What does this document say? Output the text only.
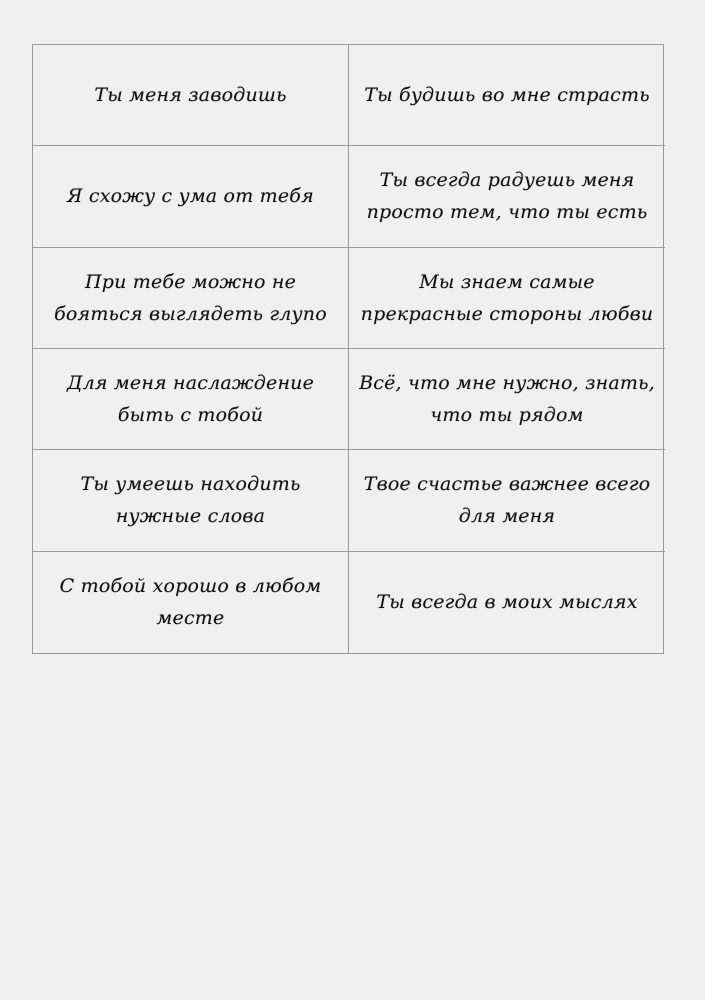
Ты меня заводишь	Ты будишь во мне страсть
Я схожу с ума от тебя
Ты всегда радуешь меня просто тем, что ты есть
При тебе можно не бояться выглядеть глупо
Мы знаем самые прекрасные стороны любви
Для меня наслаждение быть с тобой
Всё, что мне нужно, знать, что ты рядом
Ты умеешь находить нужные слова
Твое счастье важнее всего для меня
С тобой хорошо в любом месте
Ты всегда в моих мыслях
